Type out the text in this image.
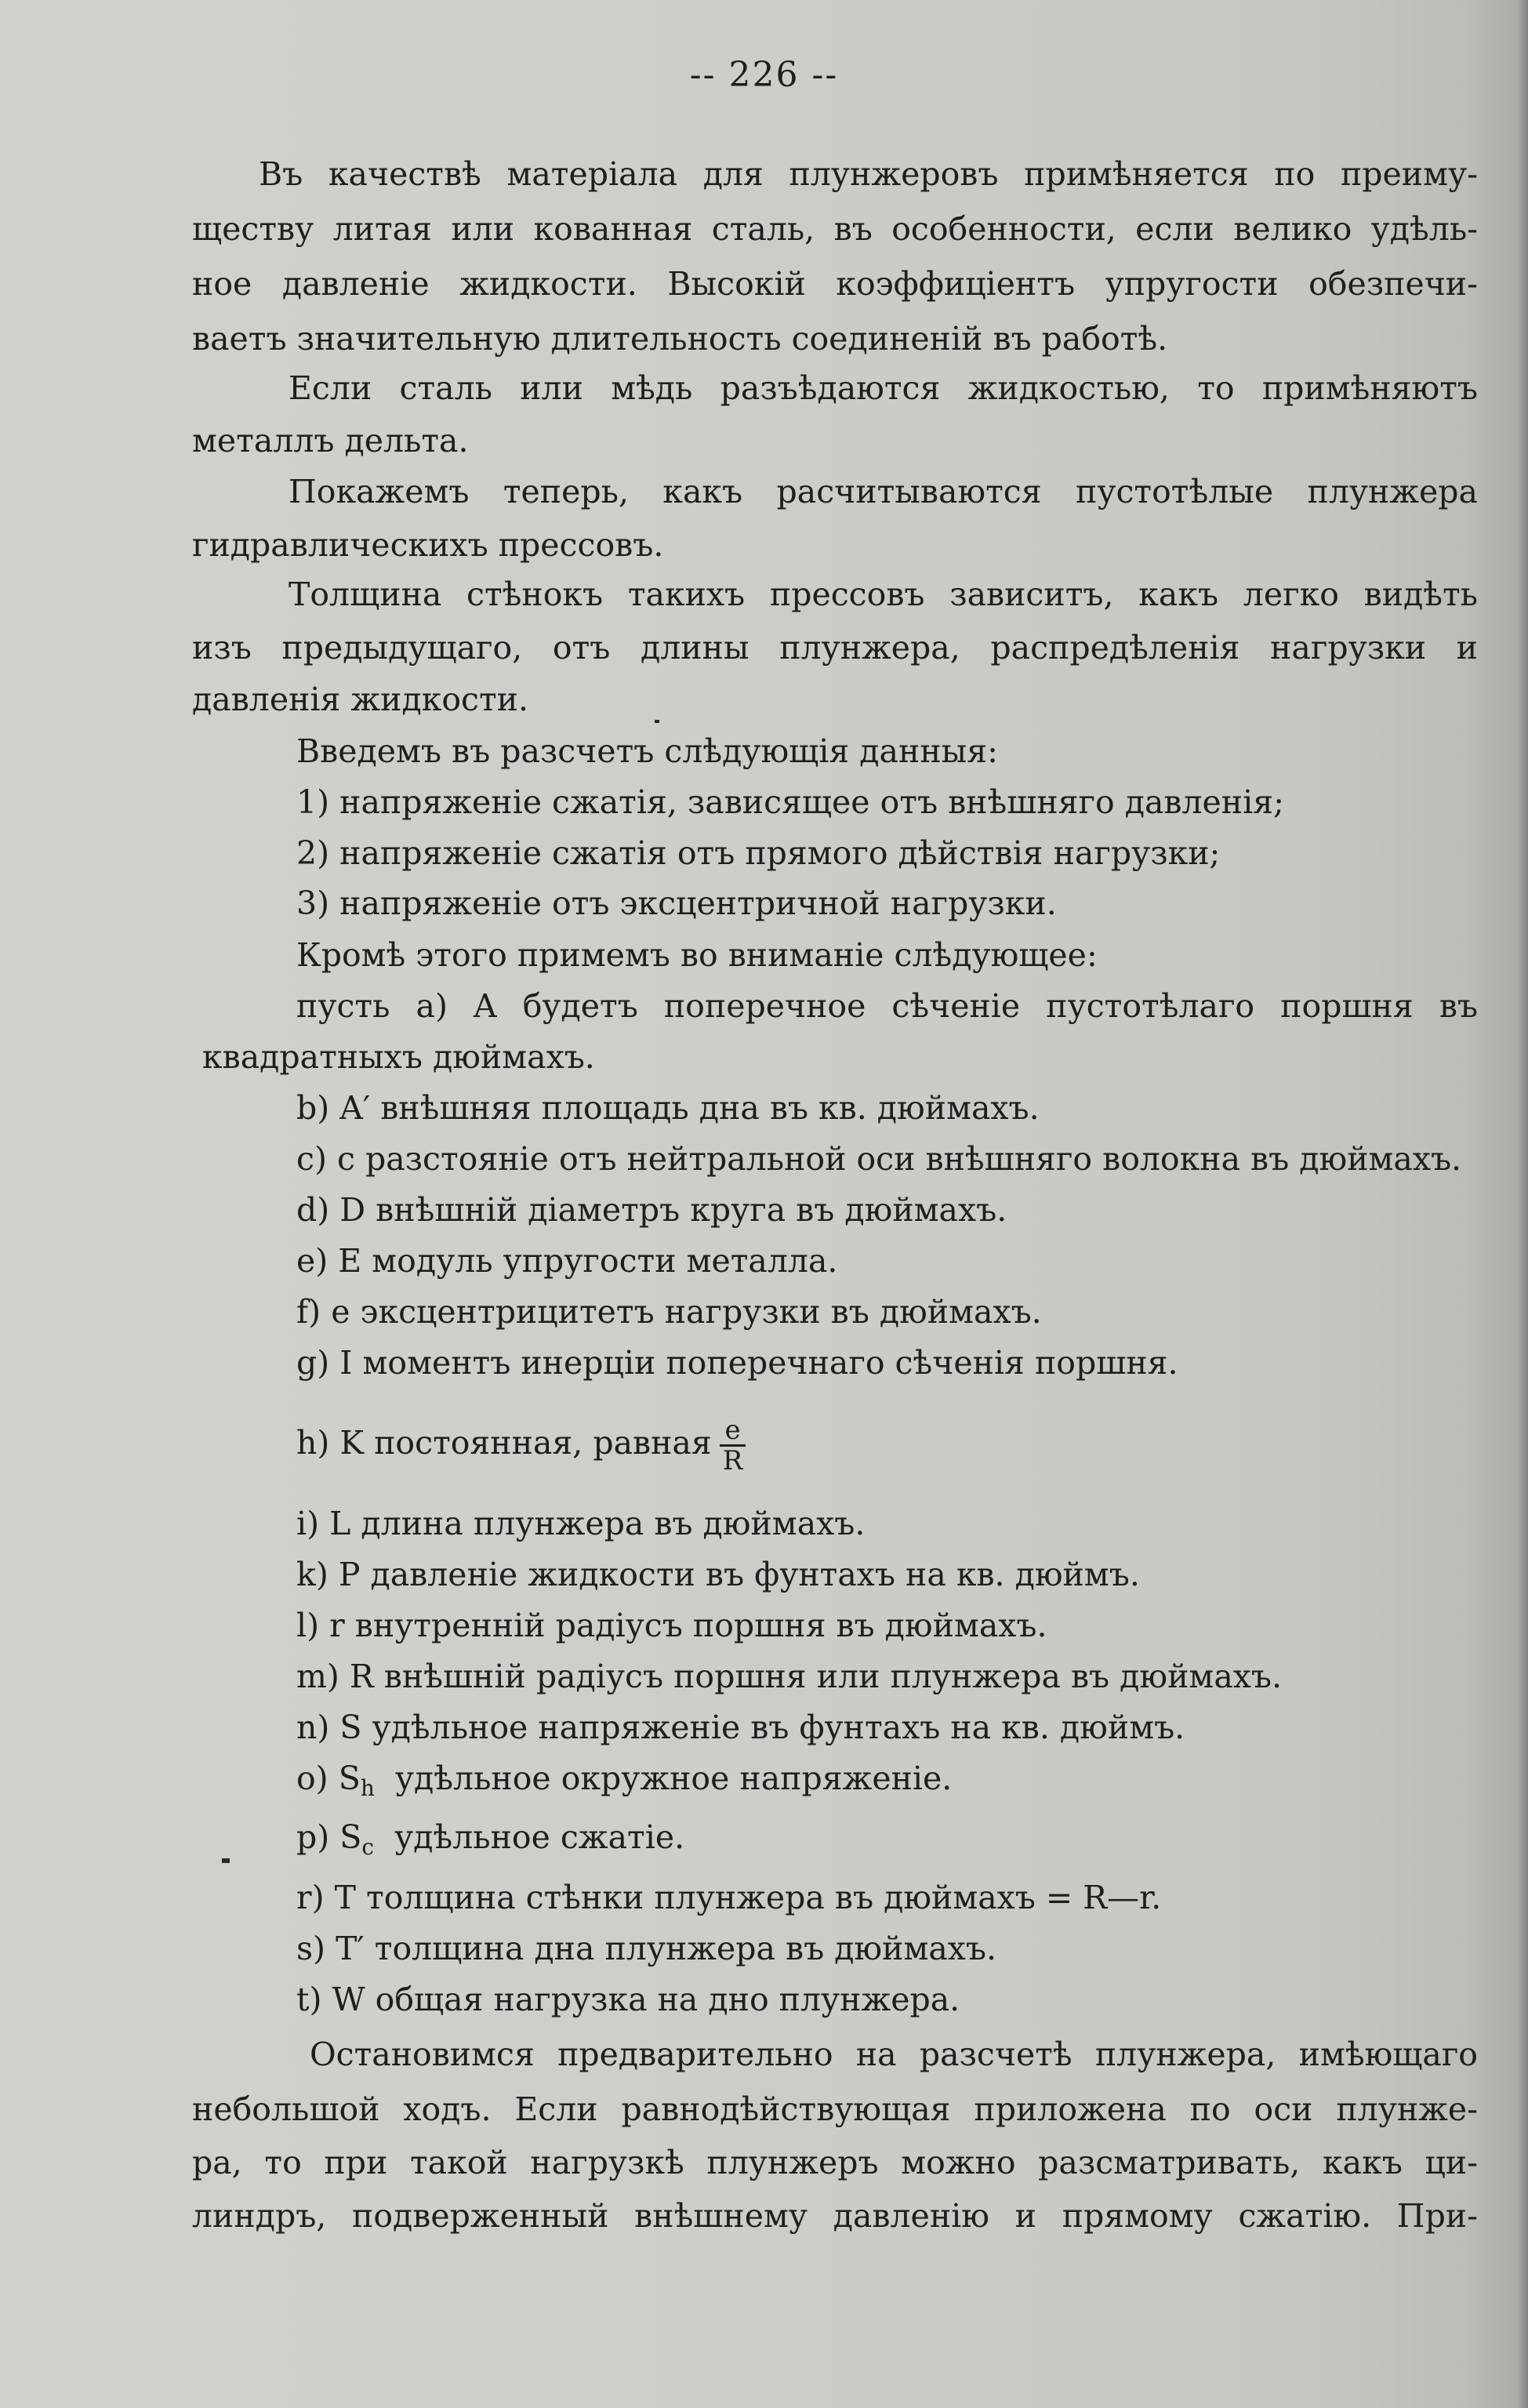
-- 226 --
Въ качествѣ матеріала для плунжеровъ примѣняется по преиму-
ществу литая или кованная сталь, въ особенности, если велико удѣль-
ное давленіе жидкости. Высокій коэффиціентъ упругости обезпечи-
ваетъ значительную длительность соединеній въ работѣ.
Если сталь или мѣдь разъѣдаются жидкостью, то примѣняютъ
металлъ дельта.
Покажемъ теперь, какъ расчитываются пустотѣлые плунжера
гидравлическихъ прессовъ.
Толщина стѣнокъ такихъ прессовъ зависитъ, какъ легко видѣть
изъ предыдущаго, отъ длины плунжера, распредѣленія нагрузки и
давленія жидкости.
Введемъ въ разсчетъ слѣдующія данныя:
1) напряженіе сжатія, зависящее отъ внѣшняго давленія;
2) напряженіе сжатія отъ прямого дѣйствія нагрузки;
3) напряженіе отъ эксцентричной нагрузки.
Кромѣ этого примемъ во вниманіе слѣдующее:
пусть a) A будетъ поперечное сѣченіе пустотѣлаго поршня въ
квадратныхъ дюймахъ.
b) A′ внѣшняя площадь дна въ кв. дюймахъ.
c) c разстояніе отъ нейтральной оси внѣшняго волокна въ дюймахъ.
d) D внѣшній діаметръ круга въ дюймахъ.
e) E модуль упругости металла.
f) e эксцентрицитетъ нагрузки въ дюймахъ.
g) I моментъ инерціи поперечнаго сѣченія поршня.
h) K постоянная, равная $\frac{e}{R}$
i) L длина плунжера въ дюймахъ.
k) P давленіе жидкости въ фунтахъ на кв. дюймъ.
l) r внутренній радіусъ поршня въ дюймахъ.
m) R внѣшній радіусъ поршня или плунжера въ дюймахъ.
n) S удѣльное напряженіе въ фунтахъ на кв. дюймъ.
o) $S_h$ удѣльное окружное напряженіе.
p) $S_c$ удѣльное сжатіе.
r) T толщина стѣнки плунжера въ дюймахъ = R—r.
s) T′ толщина дна плунжера въ дюймахъ.
t) W общая нагрузка на дно плунжера.
Остановимся предварительно на разсчетѣ плунжера, имѣющаго
небольшой ходъ. Если равнодѣйствующая приложена по оси плунже-
ра, то при такой нагрузкѣ плунжеръ можно разсматривать, какъ ци-
линдръ, подверженный внѣшнему давленію и прямому сжатію. При-
